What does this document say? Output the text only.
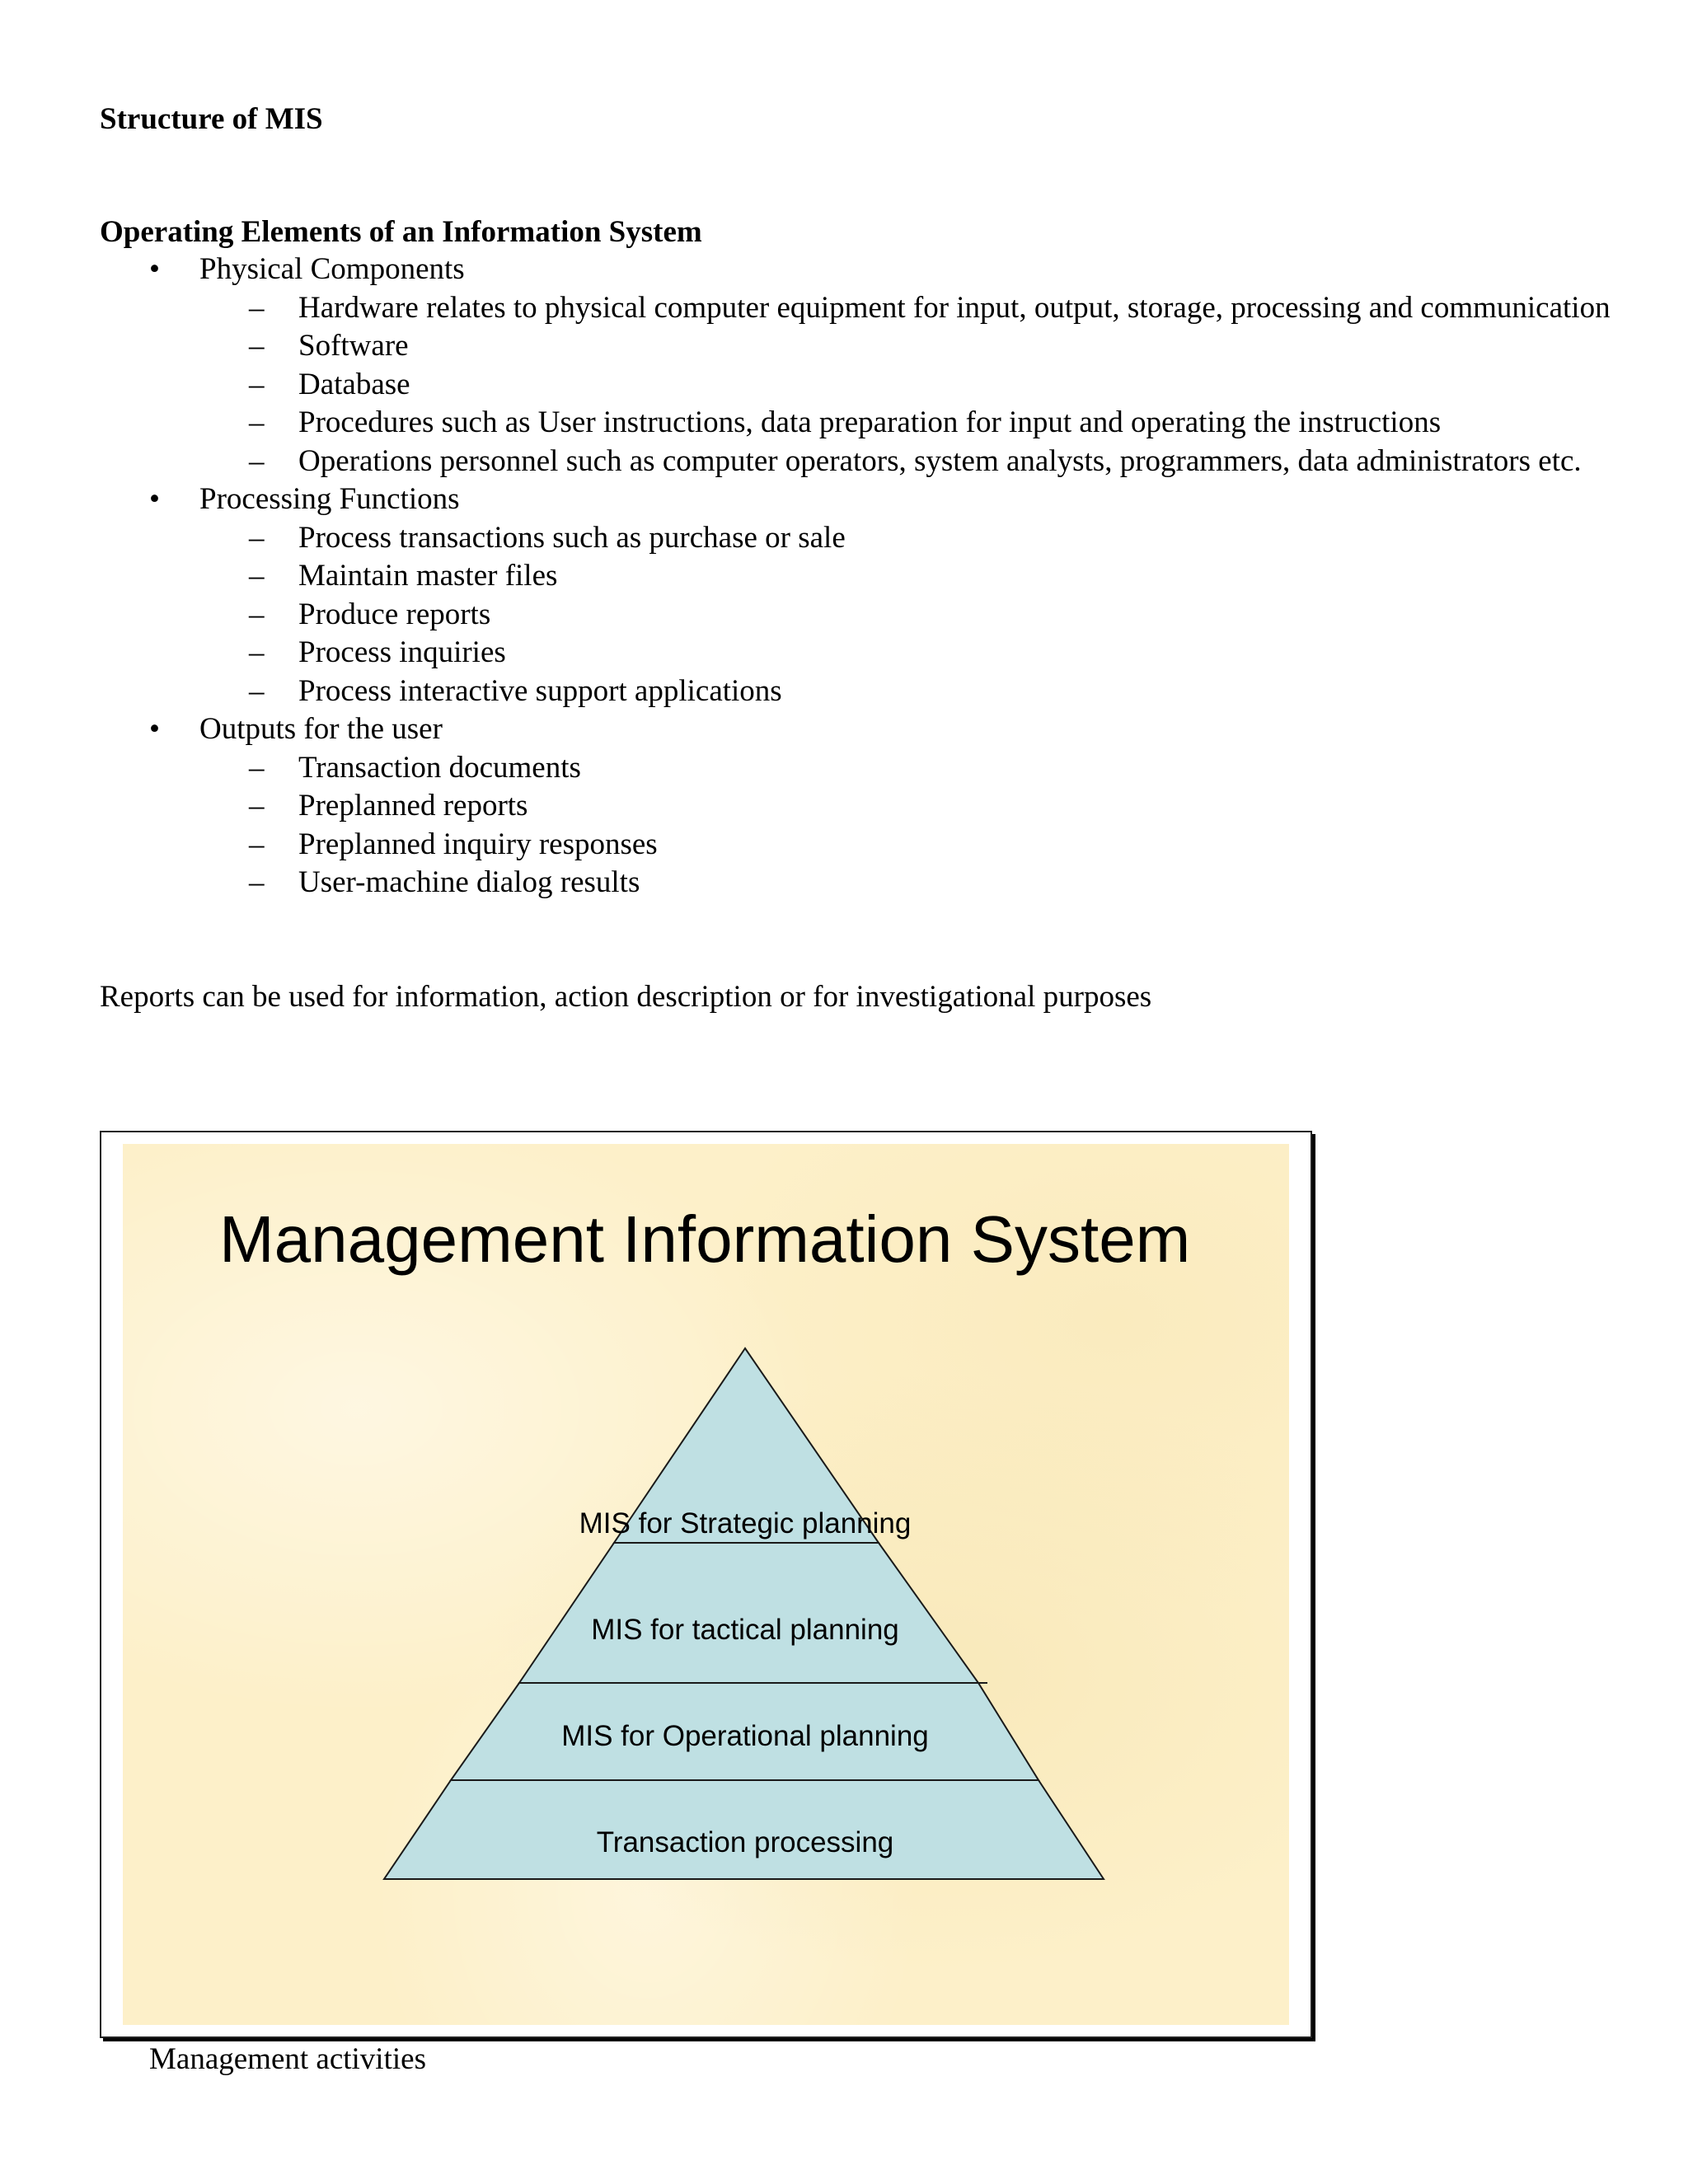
Structure of MIS
Operating Elements of an Information System
• Physical Components
– Hardware relates to physical computer equipment for input, output, storage, processing and communication
– Software
– Database
– Procedures such as User instructions, data preparation for input and operating the instructions
– Operations personnel such as computer operators, system analysts, programmers, data administrators etc.
• Processing Functions
– Process transactions such as purchase or sale
– Maintain master files
– Produce reports
– Process inquiries
– Process interactive support applications
• Outputs for the user
– Transaction documents
– Preplanned reports
– Preplanned inquiry responses
– User-machine dialog results

Reports can be used for information, action description or for investigational purposes

Management Information System
MIS for Strategic planning
MIS for tactical planning
MIS for Operational planning
Transaction processing

Management activities
